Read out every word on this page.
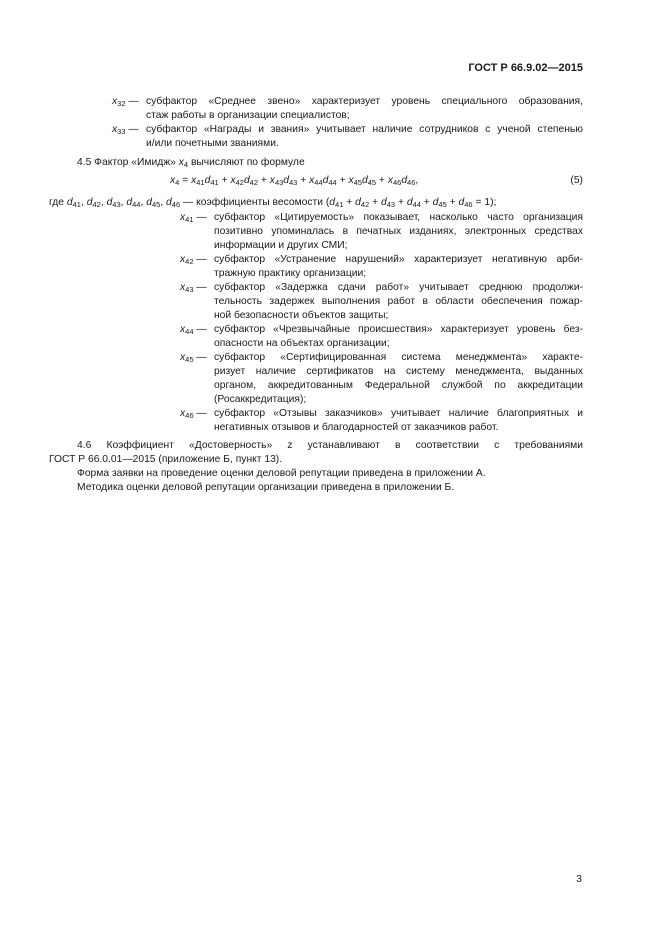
ГОСТ Р 66.9.02—2015
$x_{32}$ — субфактор «Среднее звено» характеризует уровень специального образования,
стаж работы в организации специалистов;
$x_{33}$ — субфактор «Награды и звания» учитывает наличие сотрудников с ученой степенью
и/или почетными званиями.
4.5 Фактор «Имидж» $x_4$ вычисляют по формуле
$x_4 = x_{41}d_{41} + x_{42}d_{42} + x_{43}d_{43} + x_{44}d_{44} + x_{45}d_{45} + x_{46}d_{46}$,	(5)
где $d_{41}$, $d_{42}$, $d_{43}$, $d_{44}$, $d_{45}$, $d_{46}$ — коэффициенты весомости $(d_{41} + d_{42} + d_{43} + d_{44} + d_{45} + d_{46} = 1)$;
$x_{41}$ — субфактор «Цитируемость» показывает, насколько часто организация
позитивно упоминалась в печатных изданиях, электронных средствах
информации и других СМИ;
$x_{42}$ — субфактор «Устранение нарушений» характеризует негативную арби-
тражную практику организации;
$x_{43}$ — субфактор «Задержка сдачи работ» учитывает среднюю продолжи-
тельность задержек выполнения работ в области обеспечения пожар-
ной безопасности объектов защиты;
$x_{44}$ — субфактор «Чрезвычайные происшествия» характеризует уровень без-
опасности на объектах организации;
$x_{45}$ — субфактор «Сертифицированная система менеджмента» характе-
ризует наличие сертификатов на систему менеджмента, выданных
органом, аккредитованным Федеральной службой по аккредитации
(Росаккредитация);
$x_{46}$ — субфактор «Отзывы заказчиков» учитывает наличие благоприятных и
негативных отзывов и благодарностей от заказчиков работ.
4.6 Коэффициент «Достоверность» z устанавливают в соответствии с требованиями
ГОСТ Р 66.0.01—2015 (приложение Б, пункт 13).
Форма заявки на проведение оценки деловой репутации приведена в приложении А.
Методика оценки деловой репутации организации приведена в приложении Б.
3
